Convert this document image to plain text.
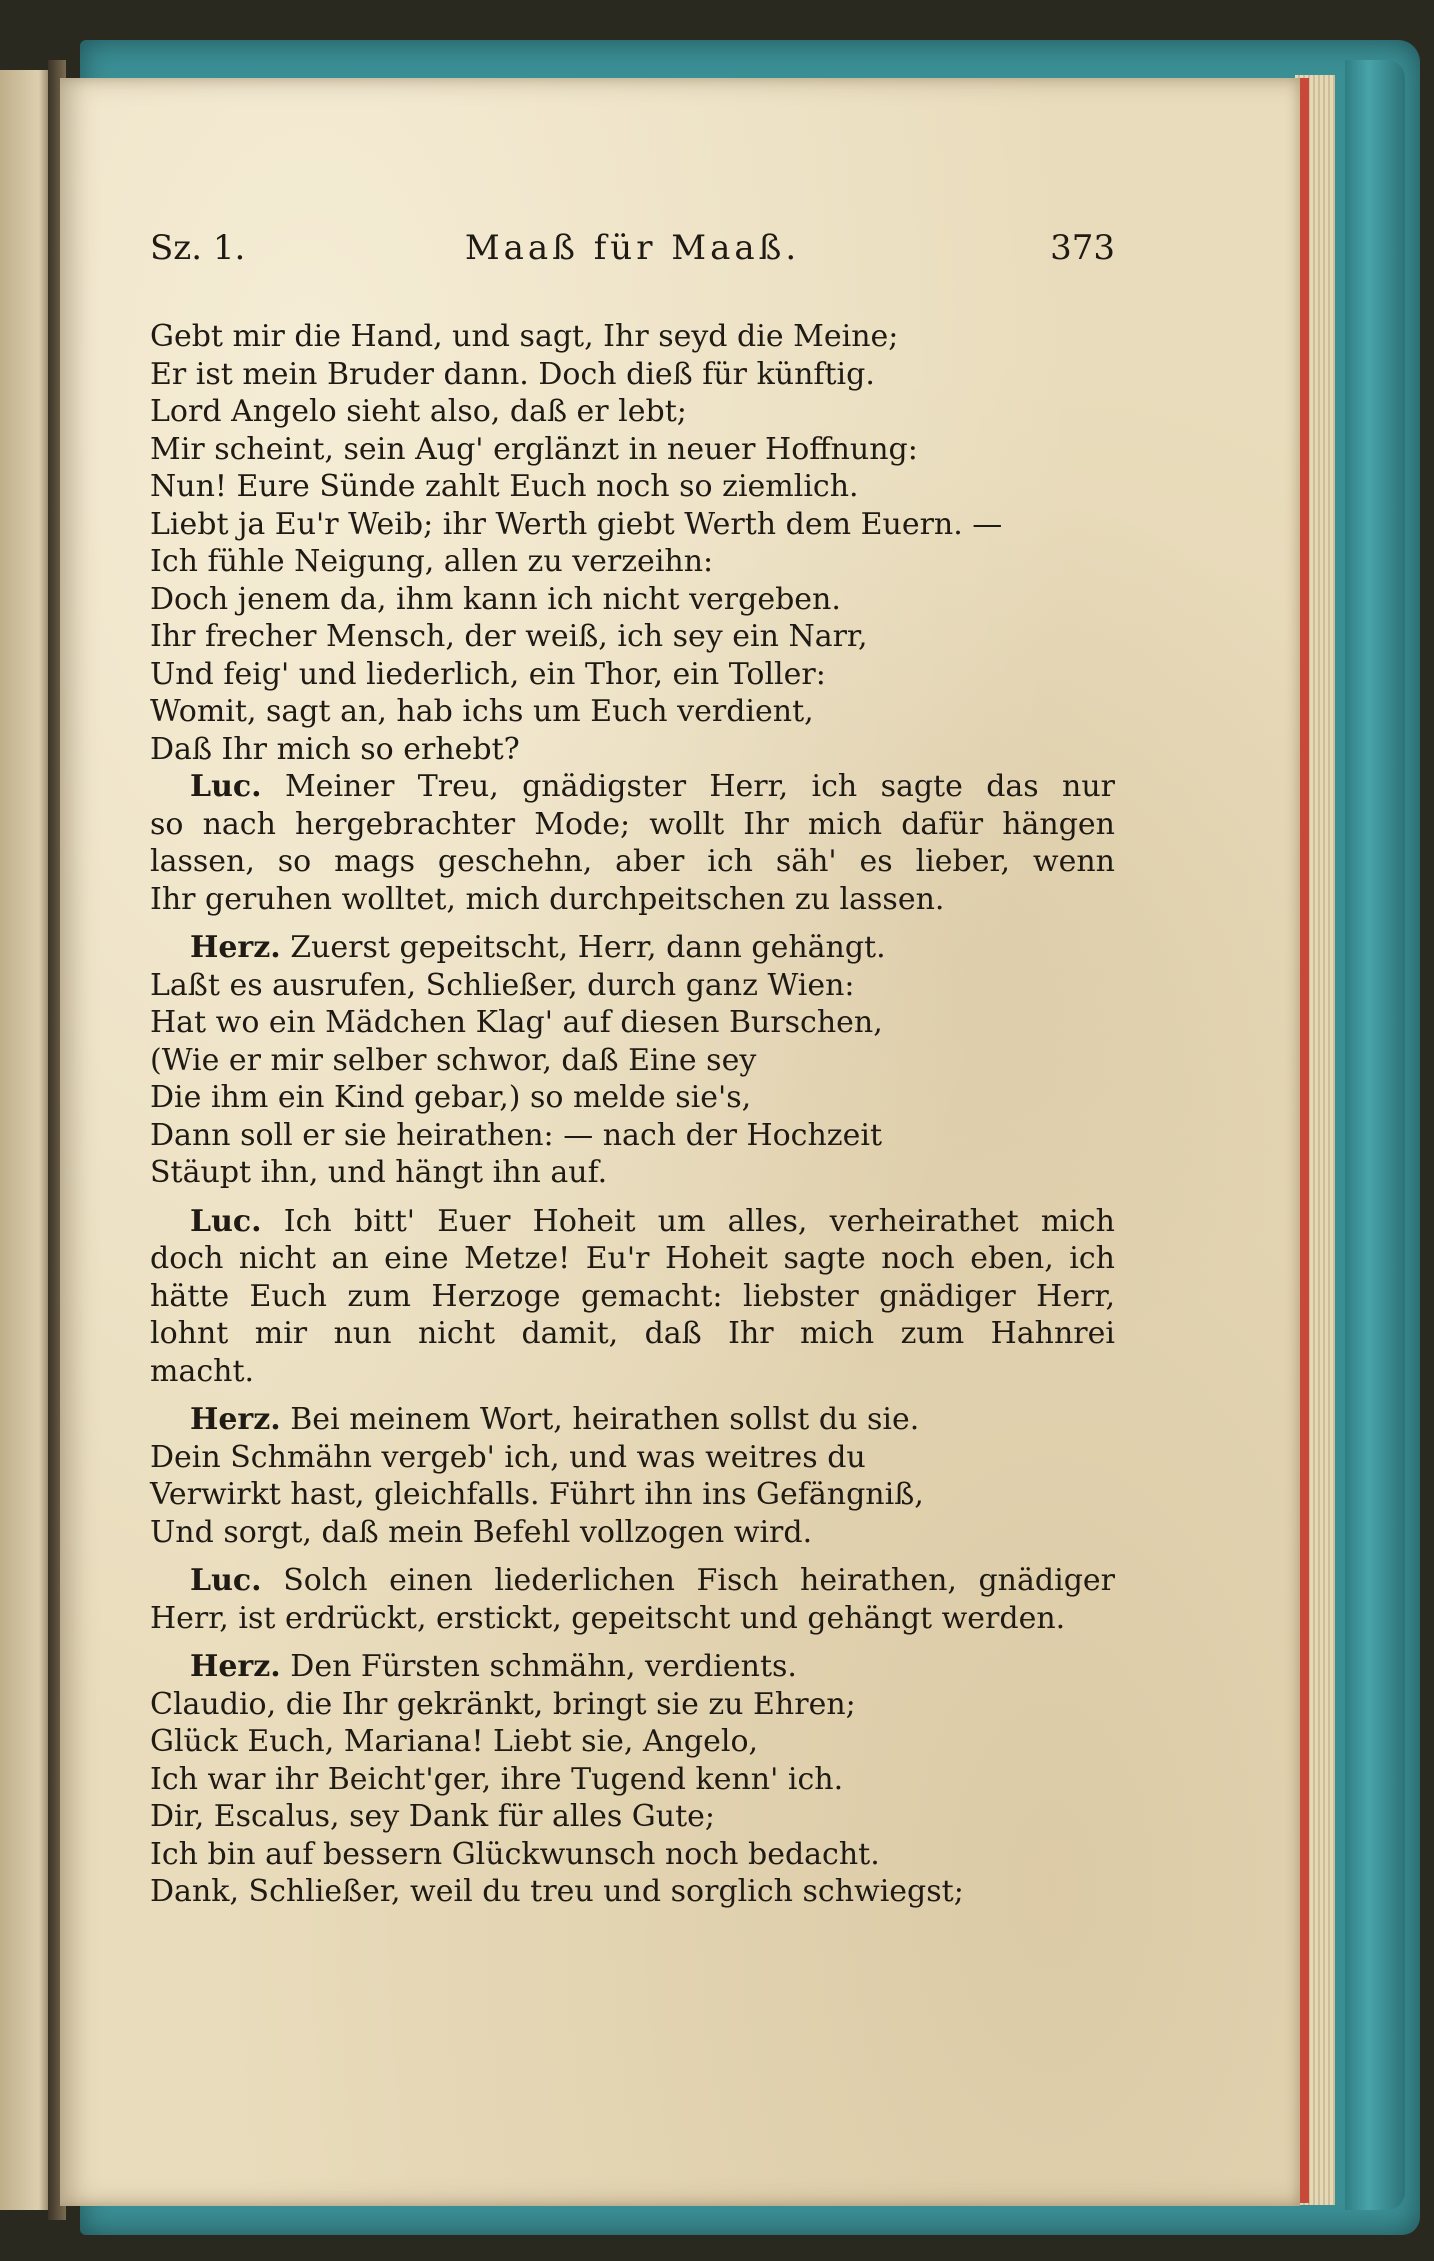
Sz. 1.	Maaß für Maaß.	373
Gebt mir die Hand, und sagt, Ihr seyd die Meine;
Er ist mein Bruder dann. Doch dieß für künftig.
Lord Angelo sieht also, daß er lebt;
Mir scheint, sein Aug' erglänzt in neuer Hoffnung:
Nun! Eure Sünde zahlt Euch noch so ziemlich.
Liebt ja Eu'r Weib; ihr Werth giebt Werth dem Euern. —
Ich fühle Neigung, allen zu verzeihn:
Doch jenem da, ihm kann ich nicht vergeben.
Ihr frecher Mensch, der weiß, ich sey ein Narr,
Und feig' und liederlich, ein Thor, ein Toller:
Womit, sagt an, hab ichs um Euch verdient,
Daß Ihr mich so erhebt?
Luc. Meiner Treu, gnädigster Herr, ich sagte das nur
so nach hergebrachter Mode; wollt Ihr mich dafür hängen
lassen, so mags geschehn, aber ich säh' es lieber, wenn
Ihr geruhen wolltet, mich durchpeitschen zu lassen.
Herz. Zuerst gepeitscht, Herr, dann gehängt.
Laßt es ausrufen, Schließer, durch ganz Wien:
Hat wo ein Mädchen Klag' auf diesen Burschen,
(Wie er mir selber schwor, daß Eine sey
Die ihm ein Kind gebar,) so melde sie's,
Dann soll er sie heirathen: — nach der Hochzeit
Stäupt ihn, und hängt ihn auf.
Luc. Ich bitt' Euer Hoheit um alles, verheirathet mich
doch nicht an eine Metze! Eu'r Hoheit sagte noch eben, ich
hätte Euch zum Herzoge gemacht: liebster gnädiger Herr,
lohnt mir nun nicht damit, daß Ihr mich zum Hahnrei
macht.
Herz. Bei meinem Wort, heirathen sollst du sie.
Dein Schmähn vergeb' ich, und was weitres du
Verwirkt hast, gleichfalls. Führt ihn ins Gefängniß,
Und sorgt, daß mein Befehl vollzogen wird.
Luc. Solch einen liederlichen Fisch heirathen, gnädiger
Herr, ist erdrückt, erstickt, gepeitscht und gehängt werden.
Herz. Den Fürsten schmähn, verdients.
Claudio, die Ihr gekränkt, bringt sie zu Ehren;
Glück Euch, Mariana! Liebt sie, Angelo,
Ich war ihr Beicht'ger, ihre Tugend kenn' ich.
Dir, Escalus, sey Dank für alles Gute;
Ich bin auf bessern Glückwunsch noch bedacht.
Dank, Schließer, weil du treu und sorglich schwiegst;
